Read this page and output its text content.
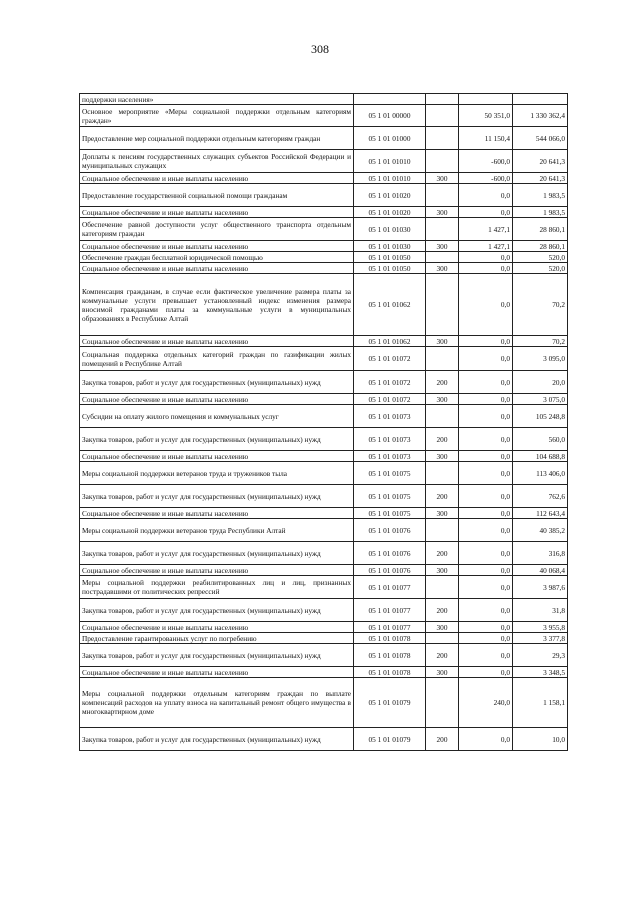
308
поддержки населения»				
Основное мероприятие «Меры социальной поддержки отдельным категориям граждан»	05 1 01 00000		50 351,0	1 330 362,4
Предоставление мер социальной поддержки отдельным категориям граждан	05 1 01 01000		11 150,4	544 066,0
Доплаты к пенсиям государственных служащих субъектов Российской Федерации и муниципальных служащих	05 1 01 01010		-600,0	20 641,3
Социальное обеспечение и иные выплаты населению	05 1 01 01010	300	-600,0	20 641,3
Предоставление государственной социальной помощи гражданам	05 1 01 01020		0,0	1 983,5
Социальное обеспечение и иные выплаты населению	05 1 01 01020	300	0,0	1 983,5
Обеспечение равной доступности услуг общественного транспорта отдельным категориям граждан	05 1 01 01030		1 427,1	28 860,1
Социальное обеспечение и иные выплаты населению	05 1 01 01030	300	1 427,1	28 860,1
Обеспечение граждан бесплатной юридической помощью	05 1 01 01050		0,0	520,0
Социальное обеспечение и иные выплаты населению	05 1 01 01050	300	0,0	520,0
Компенсация гражданам, в случае если фактическое увеличение размера платы за коммунальные услуги превышает установленный индекс изменения размера вносимой гражданами платы за коммунальные услуги в муниципальных образованиях в Республике Алтай	05 1 01 01062		0,0	70,2
Социальное обеспечение и иные выплаты населению	05 1 01 01062	300	0,0	70,2
Социальная поддержка отдельных категорий граждан по газификации жилых помещений в Республике Алтай	05 1 01 01072		0,0	3 095,0
Закупка товаров, работ и услуг для государственных (муниципальных) нужд	05 1 01 01072	200	0,0	20,0
Социальное обеспечение и иные выплаты населению	05 1 01 01072	300	0,0	3 075,0
Субсидии на оплату жилого помещения и коммунальных услуг	05 1 01 01073		0,0	105 248,8
Закупка товаров, работ и услуг для государственных (муниципальных) нужд	05 1 01 01073	200	0,0	560,0
Социальное обеспечение и иные выплаты населению	05 1 01 01073	300	0,0	104 688,8
Меры социальной поддержки ветеранов труда и тружеников тыла	05 1 01 01075		0,0	113 406,0
Закупка товаров, работ и услуг для государственных (муниципальных) нужд	05 1 01 01075	200	0,0	762,6
Социальное обеспечение и иные выплаты населению	05 1 01 01075	300	0,0	112 643,4
Меры социальной поддержки ветеранов труда Республики Алтай	05 1 01 01076		0,0	40 385,2
Закупка товаров, работ и услуг для государственных (муниципальных) нужд	05 1 01 01076	200	0,0	316,8
Социальное обеспечение и иные выплаты населению	05 1 01 01076	300	0,0	40 068,4
Меры социальной поддержки реабилитированных лиц и лиц, признанных пострадавшими от политических репрессий	05 1 01 01077		0,0	3 987,6
Закупка товаров, работ и услуг для государственных (муниципальных) нужд	05 1 01 01077	200	0,0	31,8
Социальное обеспечение и иные выплаты населению	05 1 01 01077	300	0,0	3 955,8
Предоставление гарантированных услуг по погребению	05 1 01 01078		0,0	3 377,8
Закупка товаров, работ и услуг для государственных (муниципальных) нужд	05 1 01 01078	200	0,0	29,3
Социальное обеспечение и иные выплаты населению	05 1 01 01078	300	0,0	3 348,5
Меры социальной поддержки отдельным категориям граждан по выплате компенсаций расходов на уплату взноса на капитальный ремонт общего имущества в многоквартирном доме	05 1 01 01079		240,0	1 158,1
Закупка товаров, работ и услуг для государственных (муниципальных) нужд	05 1 01 01079	200	0,0	10,0
